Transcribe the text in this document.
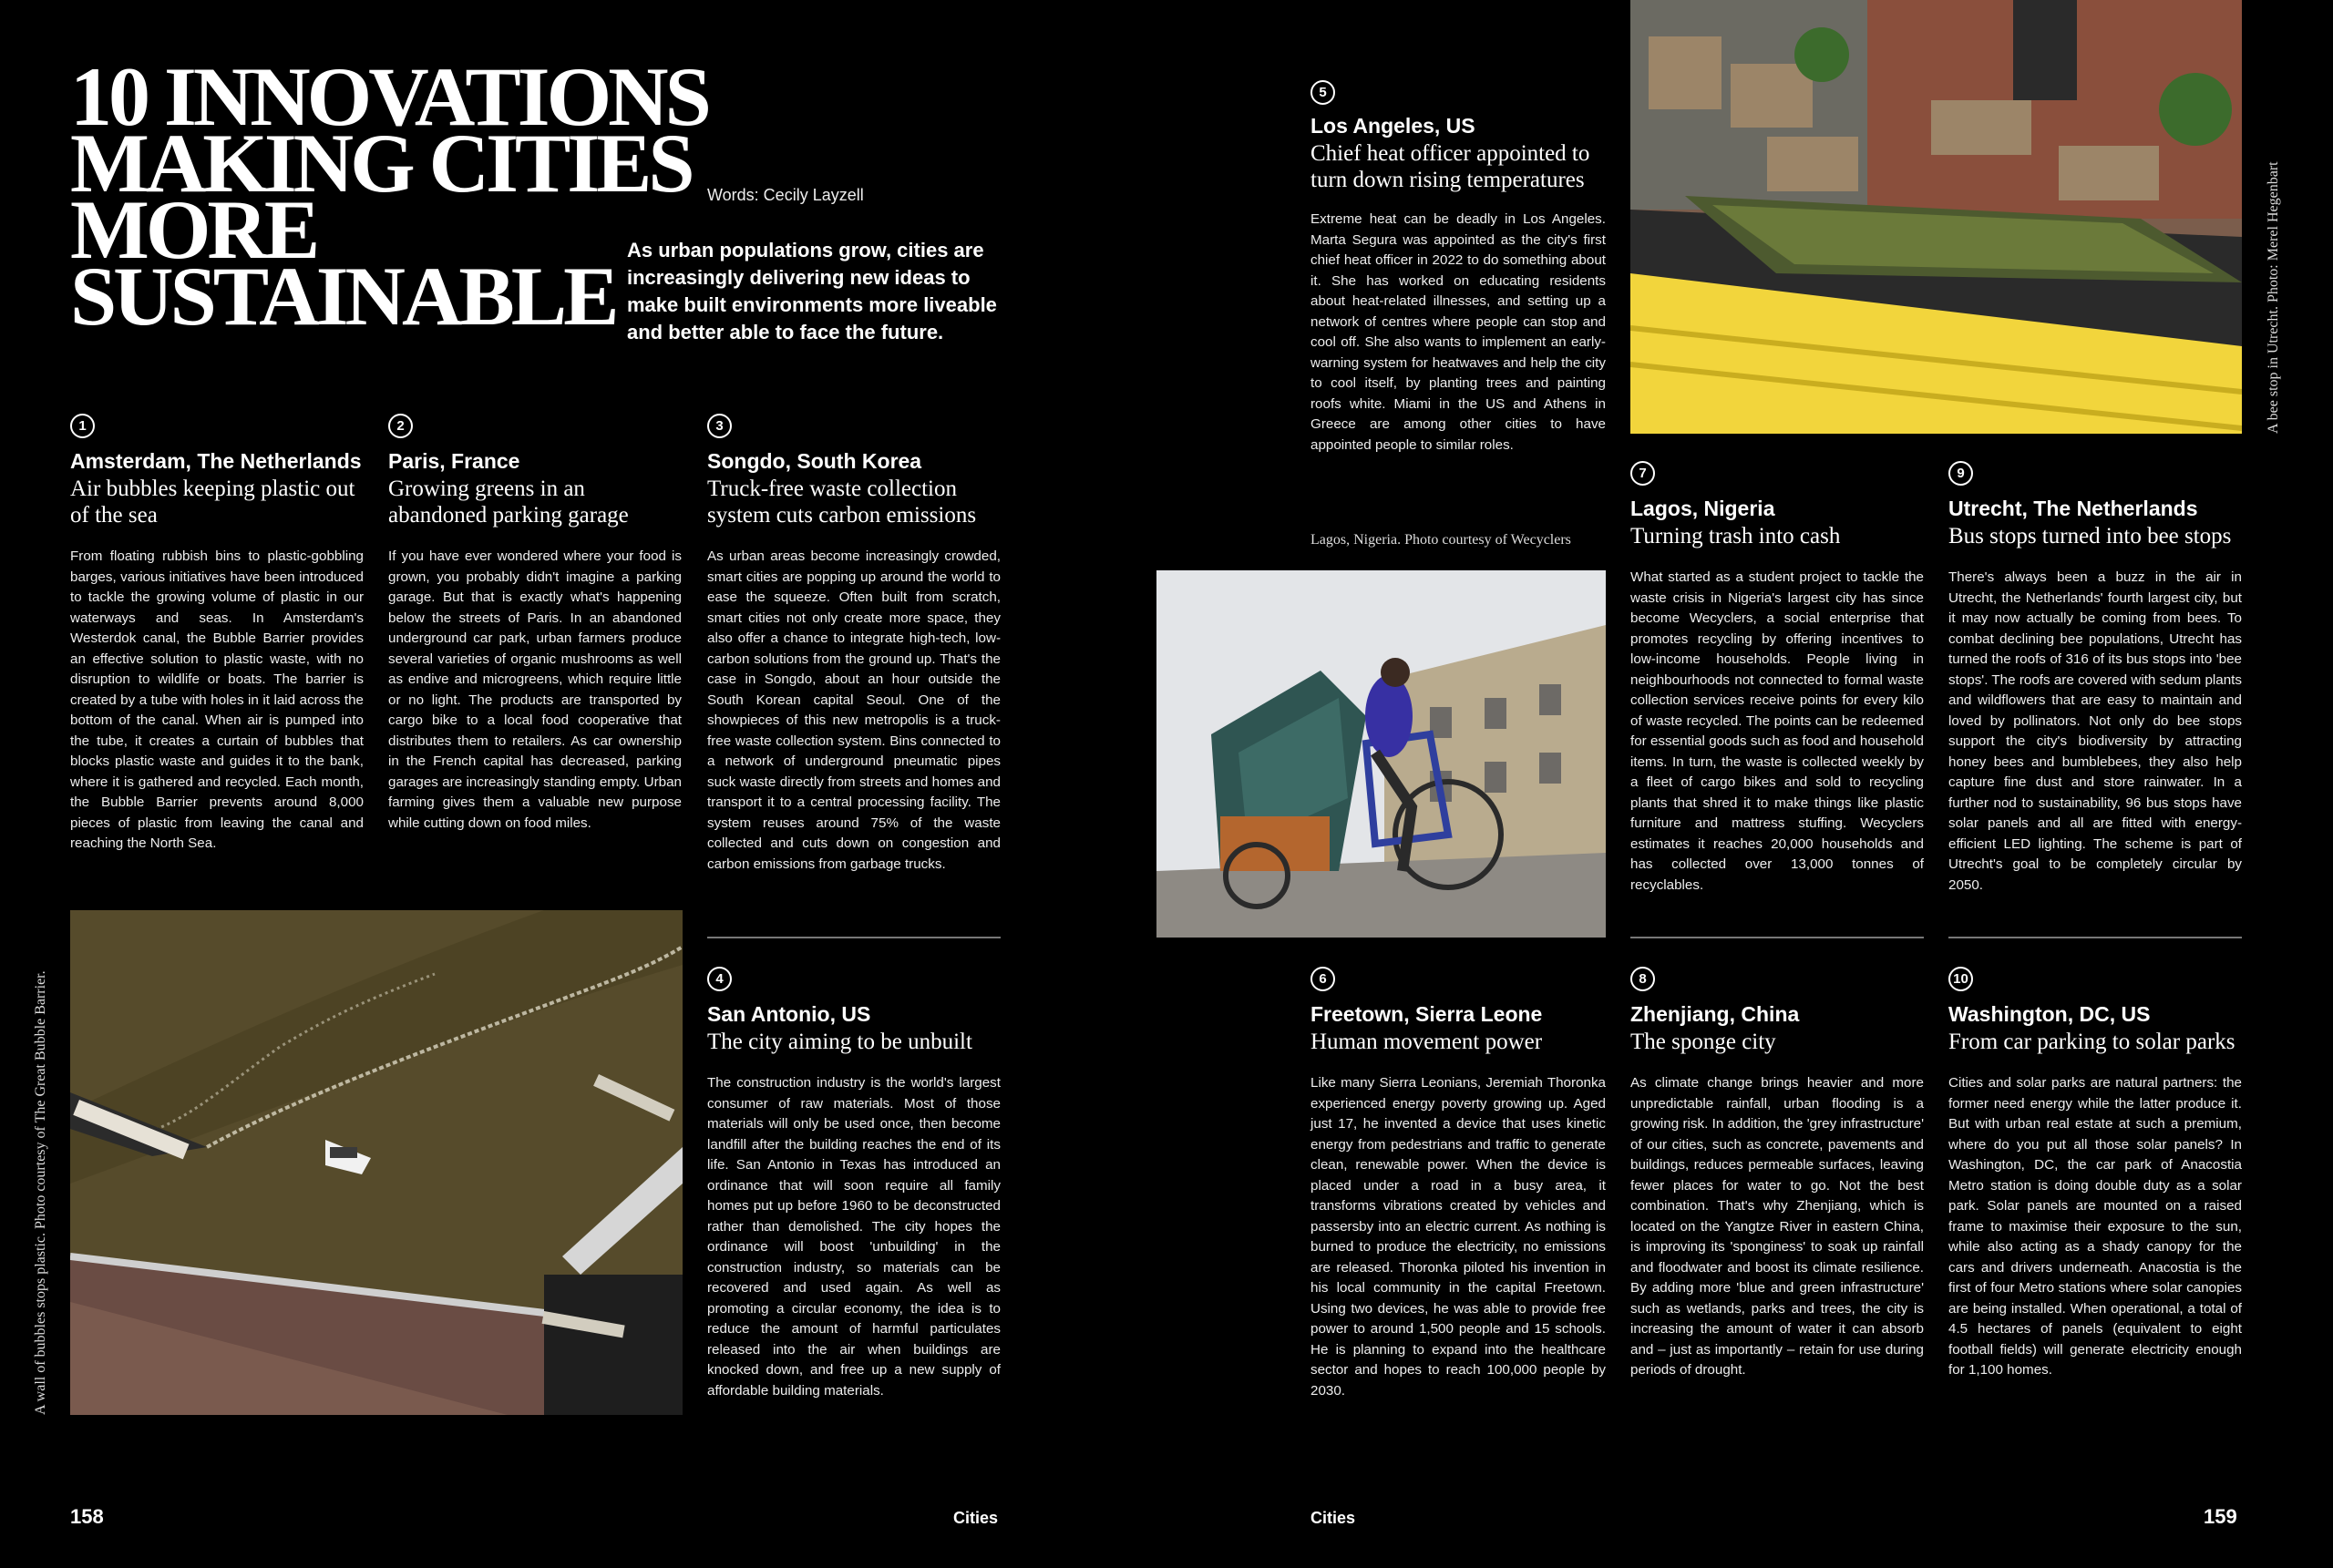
10 INNOVATIONS
MAKING CITIES
MORE
SUSTAINABLE
Words: Cecily Layzell
As urban populations grow, cities are increasingly delivering new ideas to make built environments more liveable and better able to face the future.
1
Amsterdam, The Netherlands
Air bubbles keeping plastic out of the sea
From floating rubbish bins to plastic-gobbling barges, various initiatives have been introduced to tackle the growing volume of plastic in our waterways and seas. In Amsterdam's Westerdok canal, the Bubble Barrier provides an effective solution to plastic waste, with no disruption to wildlife or boats. The barrier is created by a tube with holes in it laid across the bottom of the canal. When air is pumped into the tube, it creates a curtain of bubbles that blocks plastic waste and guides it to the bank, where it is gathered and recycled. Each month, the Bubble Barrier prevents around 8,000 pieces of plastic from leaving the canal and reaching the North Sea.
2
Paris, France
Growing greens in an abandoned parking garage
If you have ever wondered where your food is grown, you probably didn't imagine a parking garage. But that is exactly what's happening below the streets of Paris. In an abandoned underground car park, urban farmers produce several varieties of organic mushrooms as well as endive and microgreens, which require little or no light. The products are transported by cargo bike to a local food cooperative that distributes them to retailers. As car ownership in the French capital has decreased, parking garages are increasingly standing empty. Urban farming gives them a valuable new purpose while cutting down on food miles.
3
Songdo, South Korea
Truck-free waste collection system cuts carbon emissions
As urban areas become increasingly crowded, smart cities are popping up around the world to ease the squeeze. Often built from scratch, smart cities not only create more space, they also offer a chance to integrate high-tech, low-carbon solutions from the ground up. That's the case in Songdo, about an hour outside the South Korean capital Seoul. One of the showpieces of this new metropolis is a truck-free waste collection system. Bins connected to a network of underground pneumatic pipes suck waste directly from streets and homes and transport it to a central processing facility. The system reuses around 75% of the waste collected and cuts down on congestion and carbon emissions from garbage trucks.
4
San Antonio, US
The city aiming to be unbuilt
The construction industry is the world's largest consumer of raw materials. Most of those materials will only be used once, then become landfill after the building reaches the end of its life. San Antonio in Texas has introduced an ordinance that will soon require all family homes put up before 1960 to be deconstructed rather than demolished. The city hopes the ordinance will boost 'unbuilding' in the construction industry, so materials can be recovered and used again. As well as promoting a circular economy, the idea is to reduce the amount of harmful particulates released into the air when buildings are knocked down, and free up a new supply of affordable building materials.
A wall of bubbles stops plastic. Photo courtesy of The Great Bubble Barrier.
158	Cities
5
Los Angeles, US
Chief heat officer appointed to turn down rising temperatures
Extreme heat can be deadly in Los Angeles. Marta Segura was appointed as the city's first chief heat officer in 2022 to do something about it. She has worked on educating residents about heat-related illnesses, and setting up a network of centres where people can stop and cool off. She also wants to implement an early-warning system for heatwaves and help the city to cool itself, by planting trees and painting roofs white. Miami in the US and Athens in Greece are among other cities to have appointed people to similar roles.
Lagos, Nigeria. Photo courtesy of Wecyclers
A bee stop in Utrecht. Photo: Merel Hegenbart
7
Lagos, Nigeria
Turning trash into cash
What started as a student project to tackle the waste crisis in Nigeria's largest city has since become Wecyclers, a social enterprise that promotes recycling by offering incentives to low-income households. People living in neighbourhoods not connected to formal waste collection services receive points for every kilo of waste recycled. The points can be redeemed for essential goods such as food and household items. In turn, the waste is collected weekly by a fleet of cargo bikes and sold to recycling plants that shred it to make things like plastic furniture and mattress stuffing. Wecyclers estimates it reaches 20,000 households and has collected over 13,000 tonnes of recyclables.
9
Utrecht, The Netherlands
Bus stops turned into bee stops
There's always been a buzz in the air in Utrecht, the Netherlands' fourth largest city, but it may now actually be coming from bees. To combat declining bee populations, Utrecht has turned the roofs of 316 of its bus stops into 'bee stops'. The roofs are covered with sedum plants and wildflowers that are easy to maintain and loved by pollinators. Not only do bee stops support the city's biodiversity by attracting honey bees and bumblebees, they also help capture fine dust and store rainwater. In a further nod to sustainability, 96 bus stops have solar panels and all are fitted with energy-efficient LED lighting. The scheme is part of Utrecht's goal to be completely circular by 2050.
6
Freetown, Sierra Leone
Human movement power
Like many Sierra Leonians, Jeremiah Thoronka experienced energy poverty growing up. Aged just 17, he invented a device that uses kinetic energy from pedestrians and traffic to generate clean, renewable power. When the device is placed under a road in a busy area, it transforms vibrations created by vehicles and passersby into an electric current. As nothing is burned to produce the electricity, no emissions are released. Thoronka piloted his invention in his local community in the capital Freetown. Using two devices, he was able to provide free power to around 1,500 people and 15 schools. He is planning to expand into the healthcare sector and hopes to reach 100,000 people by 2030.
8
Zhenjiang, China
The sponge city
As climate change brings heavier and more unpredictable rainfall, urban flooding is a growing risk. In addition, the 'grey infrastructure' of our cities, such as concrete, pavements and buildings, reduces permeable surfaces, leaving fewer places for water to go. Not the best combination. That's why Zhenjiang, which is located on the Yangtze River in eastern China, is improving its 'sponginess' to soak up rainfall and floodwater and boost its climate resilience. By adding more 'blue and green infrastructure' such as wetlands, parks and trees, the city is increasing the amount of water it can absorb and – just as importantly – retain for use during periods of drought.
10
Washington, DC, US
From car parking to solar parks
Cities and solar parks are natural partners: the former need energy while the latter produce it. But with urban real estate at such a premium, where do you put all those solar panels? In Washington, DC, the car park of Anacostia Metro station is doing double duty as a solar park. Solar panels are mounted on a raised frame to maximise their exposure to the sun, while also acting as a shady canopy for the cars and drivers underneath. Anacostia is the first of four Metro stations where solar canopies are being installed. When operational, a total of 4.5 hectares of panels (equivalent to eight football fields) will generate electricity enough for 1,100 homes.
Cities	159
